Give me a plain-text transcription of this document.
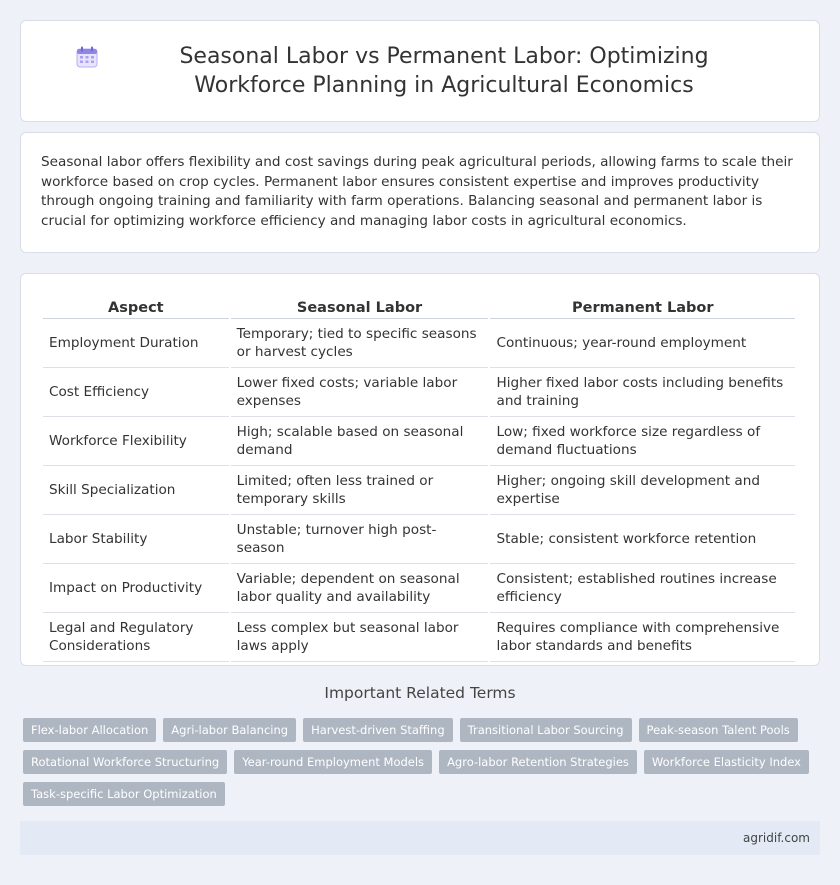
Seasonal Labor vs Permanent Labor: Optimizing Workforce Planning in Agricultural Economics

Seasonal labor offers flexibility and cost savings during peak agricultural periods, allowing farms to scale their workforce based on crop cycles. Permanent labor ensures consistent expertise and improves productivity through ongoing training and familiarity with farm operations. Balancing seasonal and permanent labor is crucial for optimizing workforce efficiency and managing labor costs in agricultural economics.

Aspect	Seasonal Labor	Permanent Labor
Employment Duration	Temporary; tied to specific seasons or harvest cycles	Continuous; year-round employment
Cost Efficiency	Lower fixed costs; variable labor expenses	Higher fixed labor costs including benefits and training
Workforce Flexibility	High; scalable based on seasonal demand	Low; fixed workforce size regardless of demand fluctuations
Skill Specialization	Limited; often less trained or temporary skills	Higher; ongoing skill development and expertise
Labor Stability	Unstable; turnover high post-season	Stable; consistent workforce retention
Impact on Productivity	Variable; dependent on seasonal labor quality and availability	Consistent; established routines increase efficiency
Legal and Regulatory Considerations	Less complex but seasonal labor laws apply	Requires compliance with comprehensive labor standards and benefits
Important Related Terms
Flex-labor Allocation	Agri-labor Balancing	Harvest-driven Staffing	Transitional Labor Sourcing	Peak-season Talent Pools
Rotational Workforce Structuring	Year-round Employment Models	Agro-labor Retention Strategies	Workforce Elasticity Index
Task-specific Labor Optimization
agridif.com
